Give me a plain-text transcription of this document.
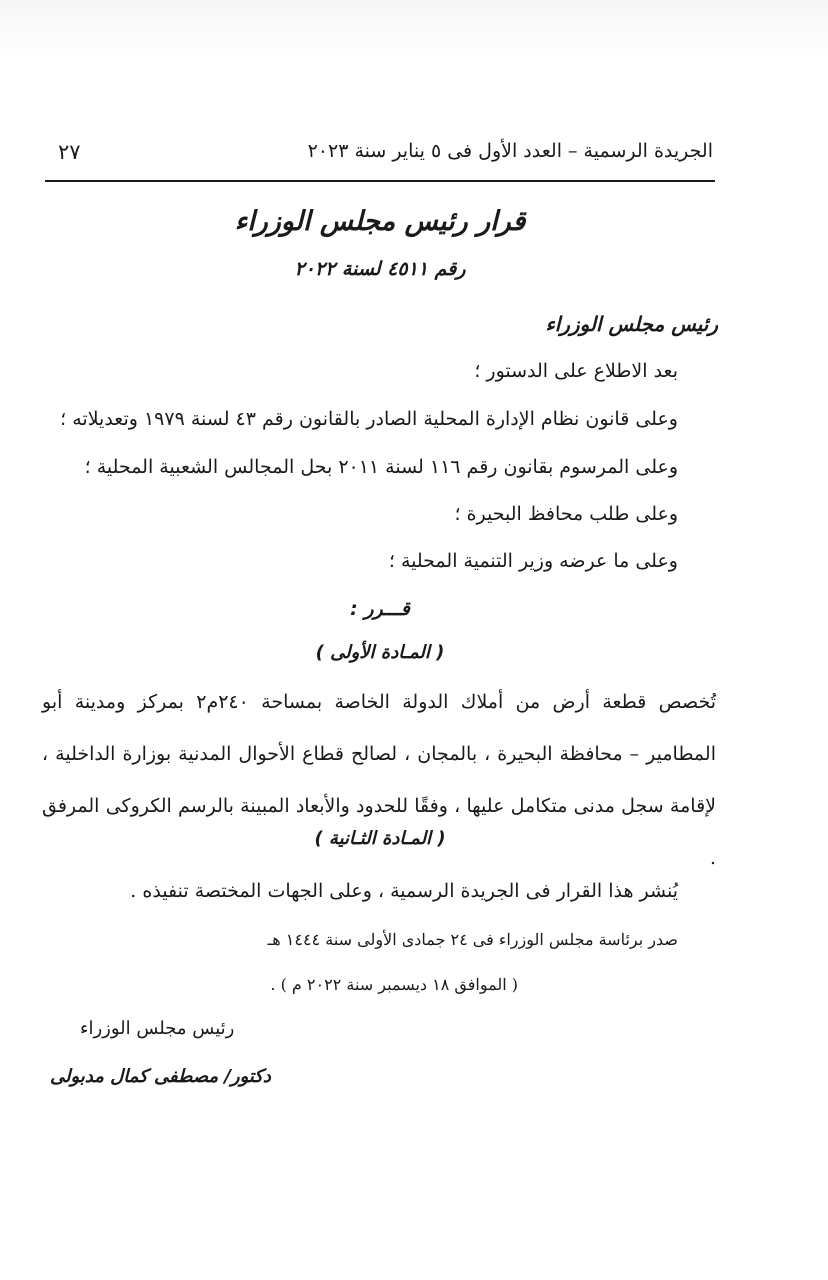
الجريدة الرسمية – العدد الأول فى ٥ يناير سنة ٢٠٢٣
٢٧
قرار رئيس مجلس الوزراء
رقم ٤٥١١ لسنة ٢٠٢٢
رئيس مجلس الوزراء
بعد الاطلاع على الدستور ؛
وعلى قانون نظام الإدارة المحلية الصادر بالقانون رقم ٤٣ لسنة ١٩٧٩ وتعديلاته ؛
وعلى المرسوم بقانون رقم ١١٦ لسنة ٢٠١١ بحل المجالس الشعبية المحلية ؛
وعلى طلب محافظ البحيرة ؛
وعلى ما عرضه وزير التنمية المحلية ؛
قـــرر :
( المـادة الأولى )
تُخصص قطعة أرض من أملاك الدولة الخاصة بمساحة ٢٤٠م٢ بمركز ومدينة أبو المطامير – محافظة البحيرة ، بالمجان ، لصالح قطاع الأحوال المدنية بوزارة الداخلية ، لإقامة سجل مدنى متكامل عليها ، وفقًا للحدود والأبعاد المبينة بالرسم الكروكى المرفق .
( المـادة الثـانية )
يُنشر هذا القرار فى الجريدة الرسمية ، وعلى الجهات المختصة تنفيذه .
صدر برئاسة مجلس الوزراء فى ٢٤ جمادى الأولى سنة ١٤٤٤ هـ
( الموافق ١٨ ديسمبر سنة ٢٠٢٢ م ) .
رئيس مجلس الوزراء
دكتور/ مصطفى كمال مدبولى
